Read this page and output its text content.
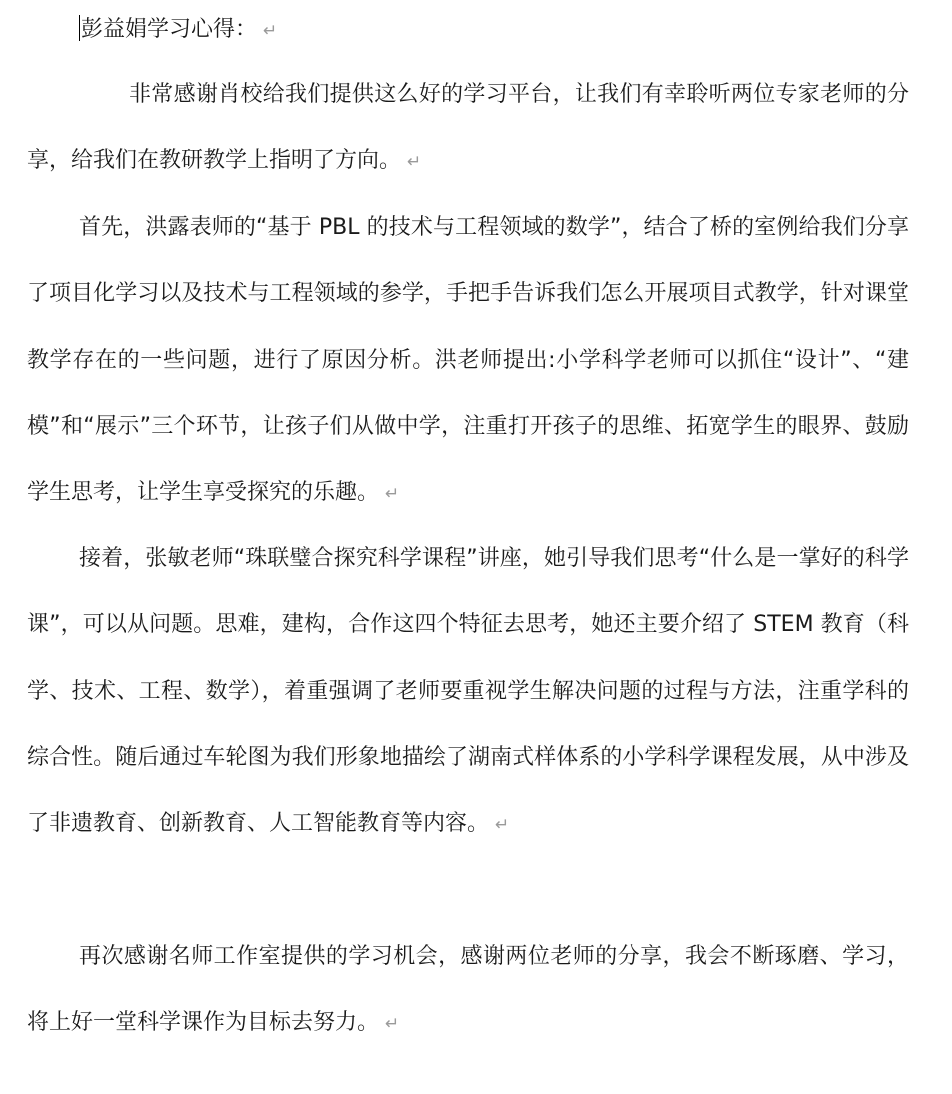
彭益娟学习心得： ↵

非常感谢肖校给我们提供这么好的学习平台，让我们有幸聆听两位专家老师的分享，给我们在教研教学上指明了方向。 ↵

首先，洪露表师的“基于 PBL 的技术与工程领域的数学”，结合了桥的室例给我们分享了项目化学习以及技术与工程领域的参学，手把手告诉我们怎么开展项目式教学，针对课堂教学存在的一些问题，进行了原因分析。洪老师提出:小学科学老师可以抓住“设计”、“建模”和“展示”三个环节，让孩子们从做中学，注重打开孩子的思维、拓宽学生的眼界、鼓励学生思考，让学生享受探究的乐趣。 ↵

接着，张敏老师“珠联璧合探究科学课程”讲座，她引导我们思考“什么是一掌好的科学课”，可以从问题。思难，建构，合作这四个特征去思考，她还主要介绍了 STEM 教育（科学、技术、工程、数学），着重强调了老师要重视学生解决问题的过程与方法，注重学科的综合性。随后通过车轮图为我们形象地描绘了湖南式样体系的小学科学课程发展，从中涉及了非遗教育、创新教育、人工智能教育等内容。 ↵

再次感谢名师工作室提供的学习机会，感谢两位老师的分享，我会不断琢磨、学习，将上好一堂科学课作为目标去努力。 ↵
